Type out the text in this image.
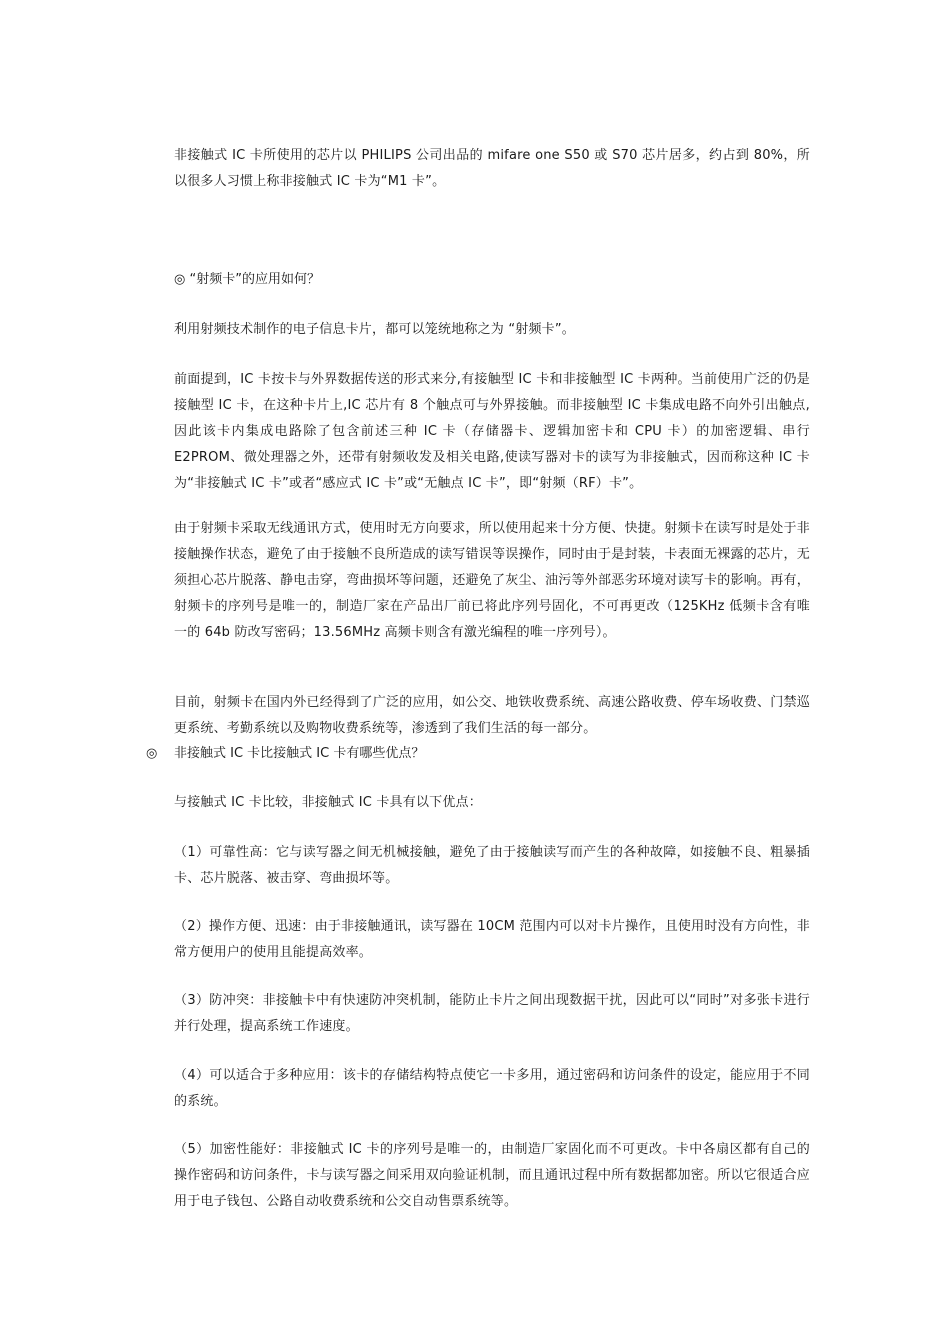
非接触式 IC 卡所使用的芯片以 PHILIPS 公司出品的 mifare one S50 或 S70 芯片居多，约占到 80%，所以很多人习惯上称非接触式 IC 卡为“M1 卡”。

◎ “射频卡”的应用如何？

利用射频技术制作的电子信息卡片，都可以笼统地称之为 “射频卡”。

前面提到，IC 卡按卡与外界数据传送的形式来分,有接触型 IC 卡和非接触型 IC 卡两种。当前使用广泛的仍是接触型 IC 卡，在这种卡片上,IC 芯片有 8 个触点可与外界接触。而非接触型 IC 卡集成电路不向外引出触点,因此该卡内集成电路除了包含前述三种 IC 卡（存储器卡、逻辑加密卡和 CPU 卡）的加密逻辑、串行 E2PROM、微处理器之外，还带有射频收发及相关电路,使读写器对卡的读写为非接触式，因而称这种 IC 卡为“非接触式 IC 卡”或者“感应式 IC 卡”或“无触点 IC 卡”，即“射频（RF）卡”。

由于射频卡采取无线通讯方式，使用时无方向要求，所以使用起来十分方便、快捷。射频卡在读写时是处于非接触操作状态，避免了由于接触不良所造成的读写错误等误操作，同时由于是封装，卡表面无裸露的芯片，无须担心芯片脱落、静电击穿，弯曲损坏等问题，还避免了灰尘、油污等外部恶劣环境对读写卡的影响。再有，射频卡的序列号是唯一的，制造厂家在产品出厂前已将此序列号固化，不可再更改（125KHz 低频卡含有唯一的 64b 防改写密码；13.56MHz 高频卡则含有激光编程的唯一序列号）。

目前，射频卡在国内外已经得到了广泛的应用，如公交、地铁收费系统、高速公路收费、停车场收费、门禁巡更系统、考勤系统以及购物收费系统等，渗透到了我们生活的每一部分。

◎ 非接触式 IC 卡比接触式 IC 卡有哪些优点？

与接触式 IC 卡比较，非接触式 IC 卡具有以下优点：

（1）可靠性高：它与读写器之间无机械接触，避免了由于接触读写而产生的各种故障，如接触不良、粗暴插卡、芯片脱落、被击穿、弯曲损坏等。

（2）操作方便、迅速：由于非接触通讯，读写器在 10CM 范围内可以对卡片操作，且使用时没有方向性，非常方便用户的使用且能提高效率。

（3）防冲突：非接触卡中有快速防冲突机制，能防止卡片之间出现数据干扰，因此可以“同时”对多张卡进行并行处理，提高系统工作速度。

（4）可以适合于多种应用：该卡的存储结构特点使它一卡多用，通过密码和访问条件的设定，能应用于不同的系统。

（5）加密性能好：非接触式 IC 卡的序列号是唯一的，由制造厂家固化而不可更改。卡中各扇区都有自己的操作密码和访问条件，卡与读写器之间采用双向验证机制，而且通讯过程中所有数据都加密。所以它很适合应用于电子钱包、公路自动收费系统和公交自动售票系统等。
